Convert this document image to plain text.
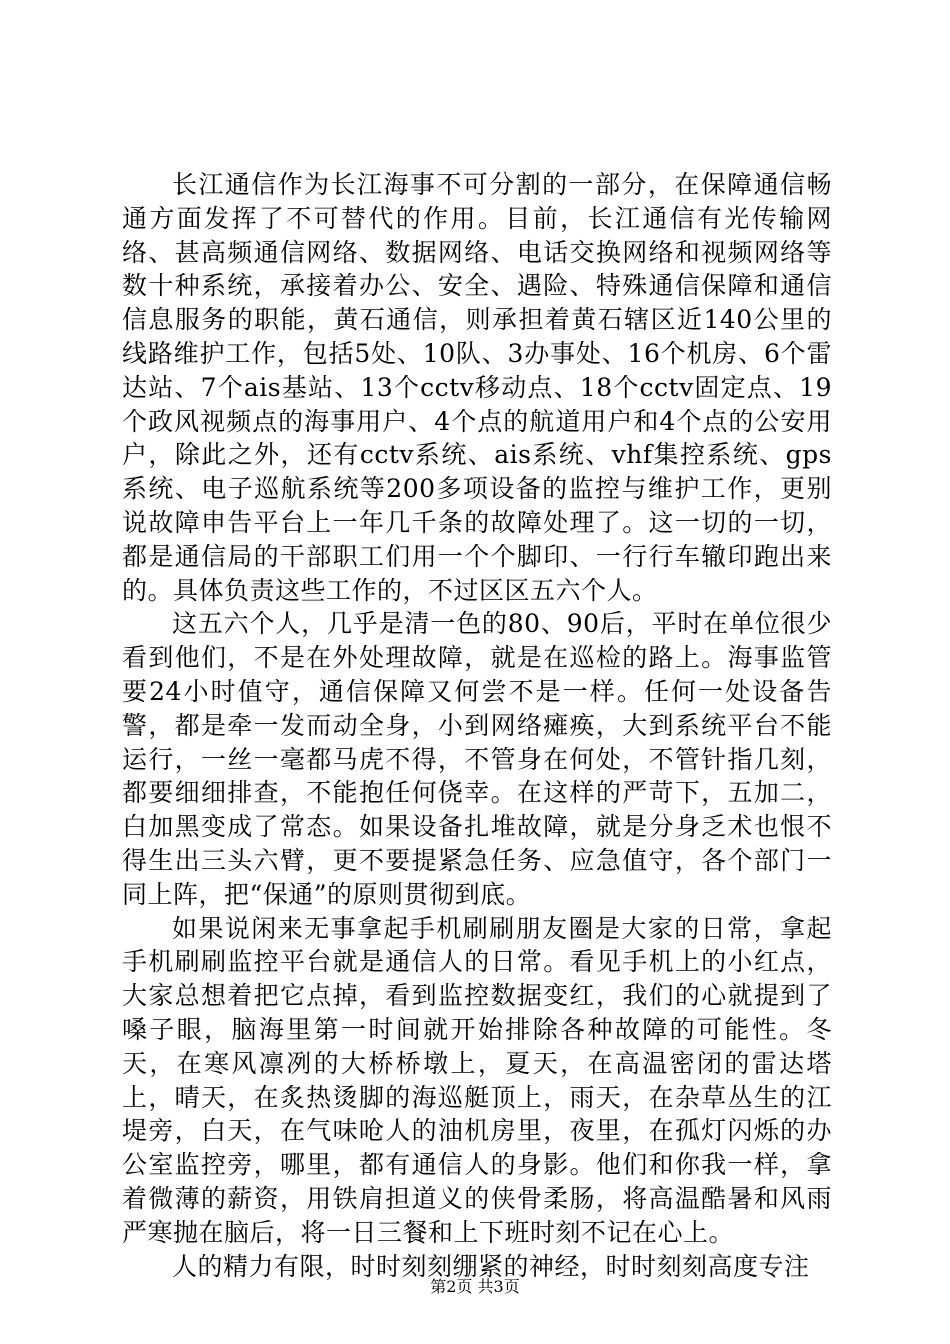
长江通信作为长江海事不可分割的一部分，在保障通信畅通方面发挥了不可替代的作用。目前，长江通信有光传输网络、甚高频通信网络、数据网络、电话交换网络和视频网络等数十种系统，承接着办公、安全、遇险、特殊通信保障和通信信息服务的职能，黄石通信，则承担着黄石辖区近140公里的线路维护工作，包括5处、10队、3办事处、16个机房、6个雷达站、7个ais基站、13个cctv移动点、18个cctv固定点、19个政风视频点的海事用户、4个点的航道用户和4个点的公安用户，除此之外，还有cctv系统、ais系统、vhf集控系统、gps系统、电子巡航系统等200多项设备的监控与维护工作，更别说故障申告平台上一年几千条的故障处理了。这一切的一切，都是通信局的干部职工们用一个个脚印、一行行车辙印跑出来的。具体负责这些工作的，不过区区五六个人。

这五六个人，几乎是清一色的80、90后，平时在单位很少看到他们，不是在外处理故障，就是在巡检的路上。海事监管要24小时值守，通信保障又何尝不是一样。任何一处设备告警，都是牵一发而动全身，小到网络瘫痪，大到系统平台不能运行，一丝一毫都马虎不得，不管身在何处，不管针指几刻，都要细细排查，不能抱任何侥幸。在这样的严苛下，五加二，白加黑变成了常态。如果设备扎堆故障，就是分身乏术也恨不得生出三头六臂，更不要提紧急任务、应急值守，各个部门一同上阵，把“保通”的原则贯彻到底。

如果说闲来无事拿起手机刷刷朋友圈是大家的日常，拿起手机刷刷监控平台就是通信人的日常。看见手机上的小红点，大家总想着把它点掉，看到监控数据变红，我们的心就提到了嗓子眼，脑海里第一时间就开始排除各种故障的可能性。冬天，在寒风凛冽的大桥桥墩上，夏天，在高温密闭的雷达塔上，晴天，在炙热烫脚的海巡艇顶上，雨天，在杂草丛生的江堤旁，白天，在气味呛人的油机房里，夜里，在孤灯闪烁的办公室监控旁，哪里，都有通信人的身影。他们和你我一样，拿着微薄的薪资，用铁肩担道义的侠骨柔肠，将高温酷暑和风雨严寒抛在脑后，将一日三餐和上下班时刻不记在心上。

人的精力有限，时时刻刻绷紧的神经，时时刻刻高度专注

第2页 共3页
